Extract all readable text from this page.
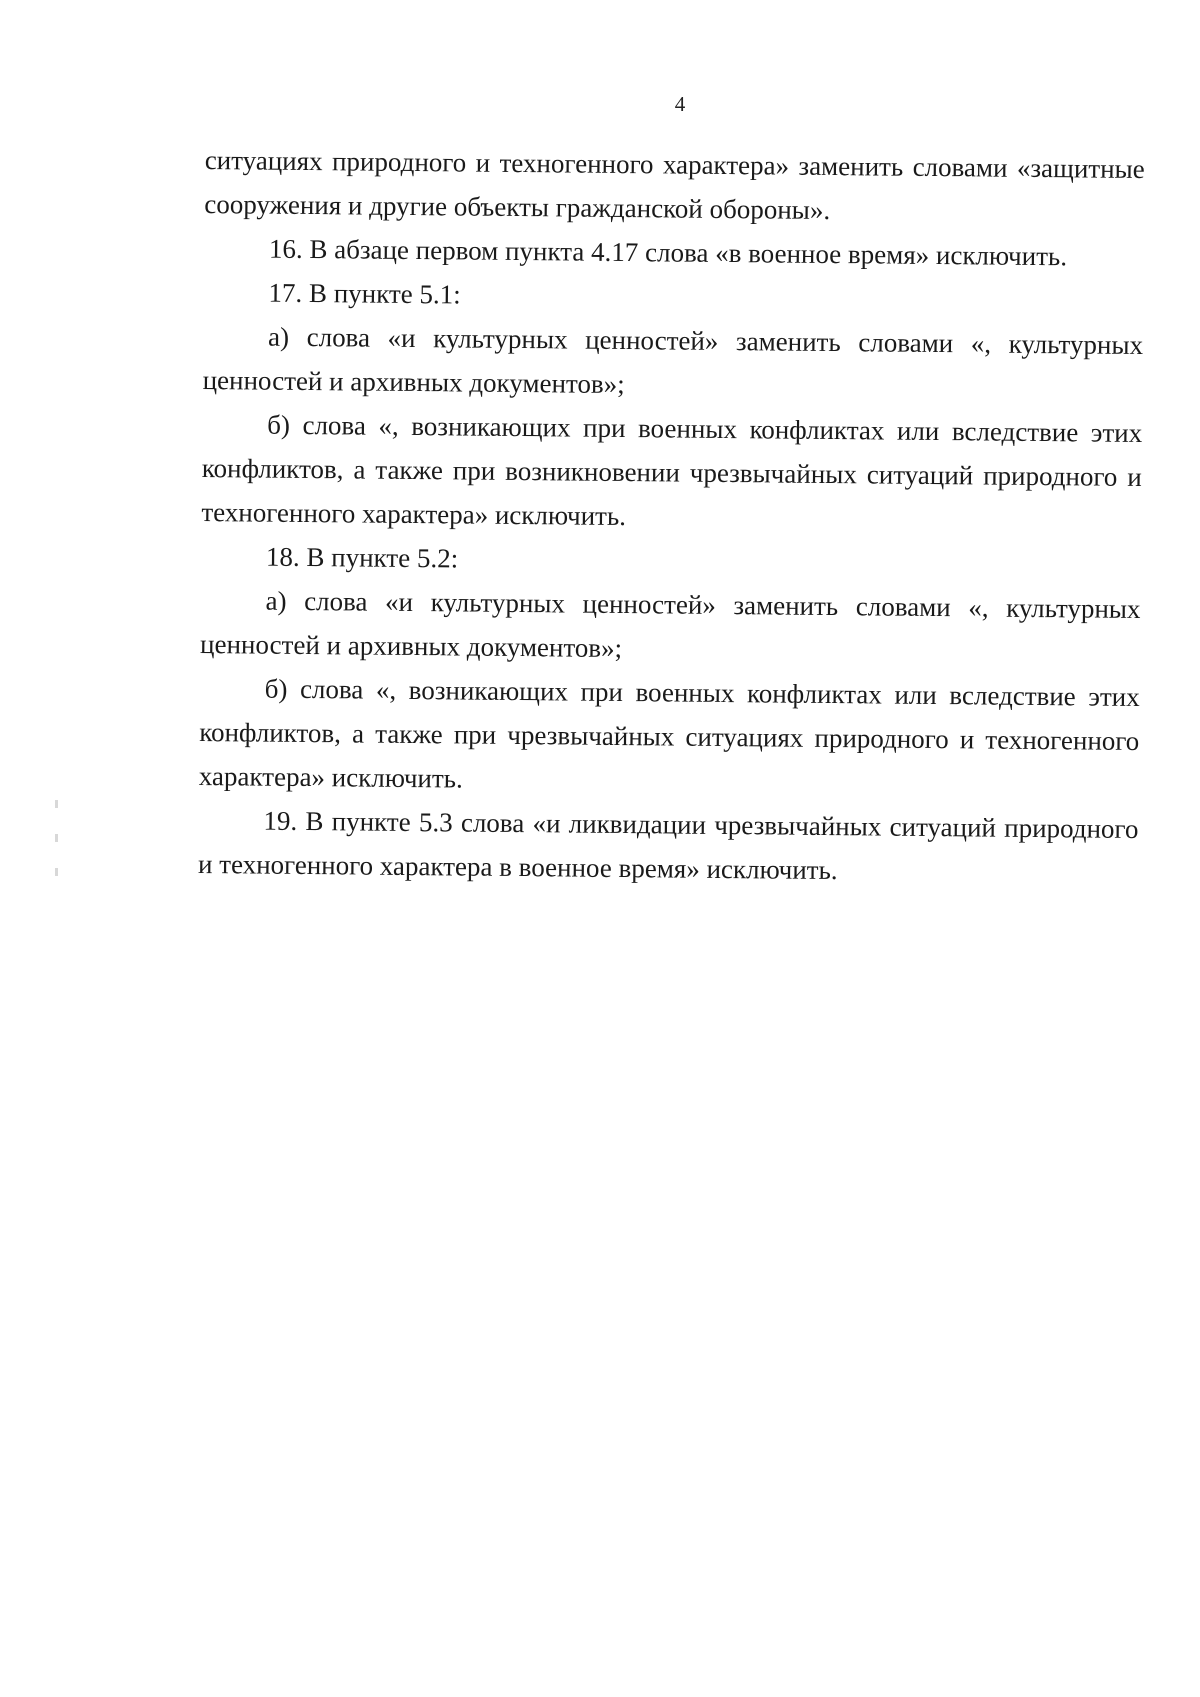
4

ситуациях природного и техногенного характера» заменить словами «защитные сооружения и другие объекты гражданской обороны».

16. В абзаце первом пункта 4.17 слова «в военное время» исключить.

17. В пункте 5.1:

а) слова «и культурных ценностей» заменить словами «, культурных ценностей и архивных документов»;

б) слова «, возникающих при военных конфликтах или вследствие этих конфликтов, а также при возникновении чрезвычайных ситуаций природного и техногенного характера» исключить.

18. В пункте 5.2:

а) слова «и культурных ценностей» заменить словами «, культурных ценностей и архивных документов»;

б) слова «, возникающих при военных конфликтах или вследствие этих конфликтов, а также при чрезвычайных ситуациях природного и техногенного характера» исключить.

19. В пункте 5.3 слова «и ликвидации чрезвычайных ситуаций природного и техногенного характера в военное время» исключить.
